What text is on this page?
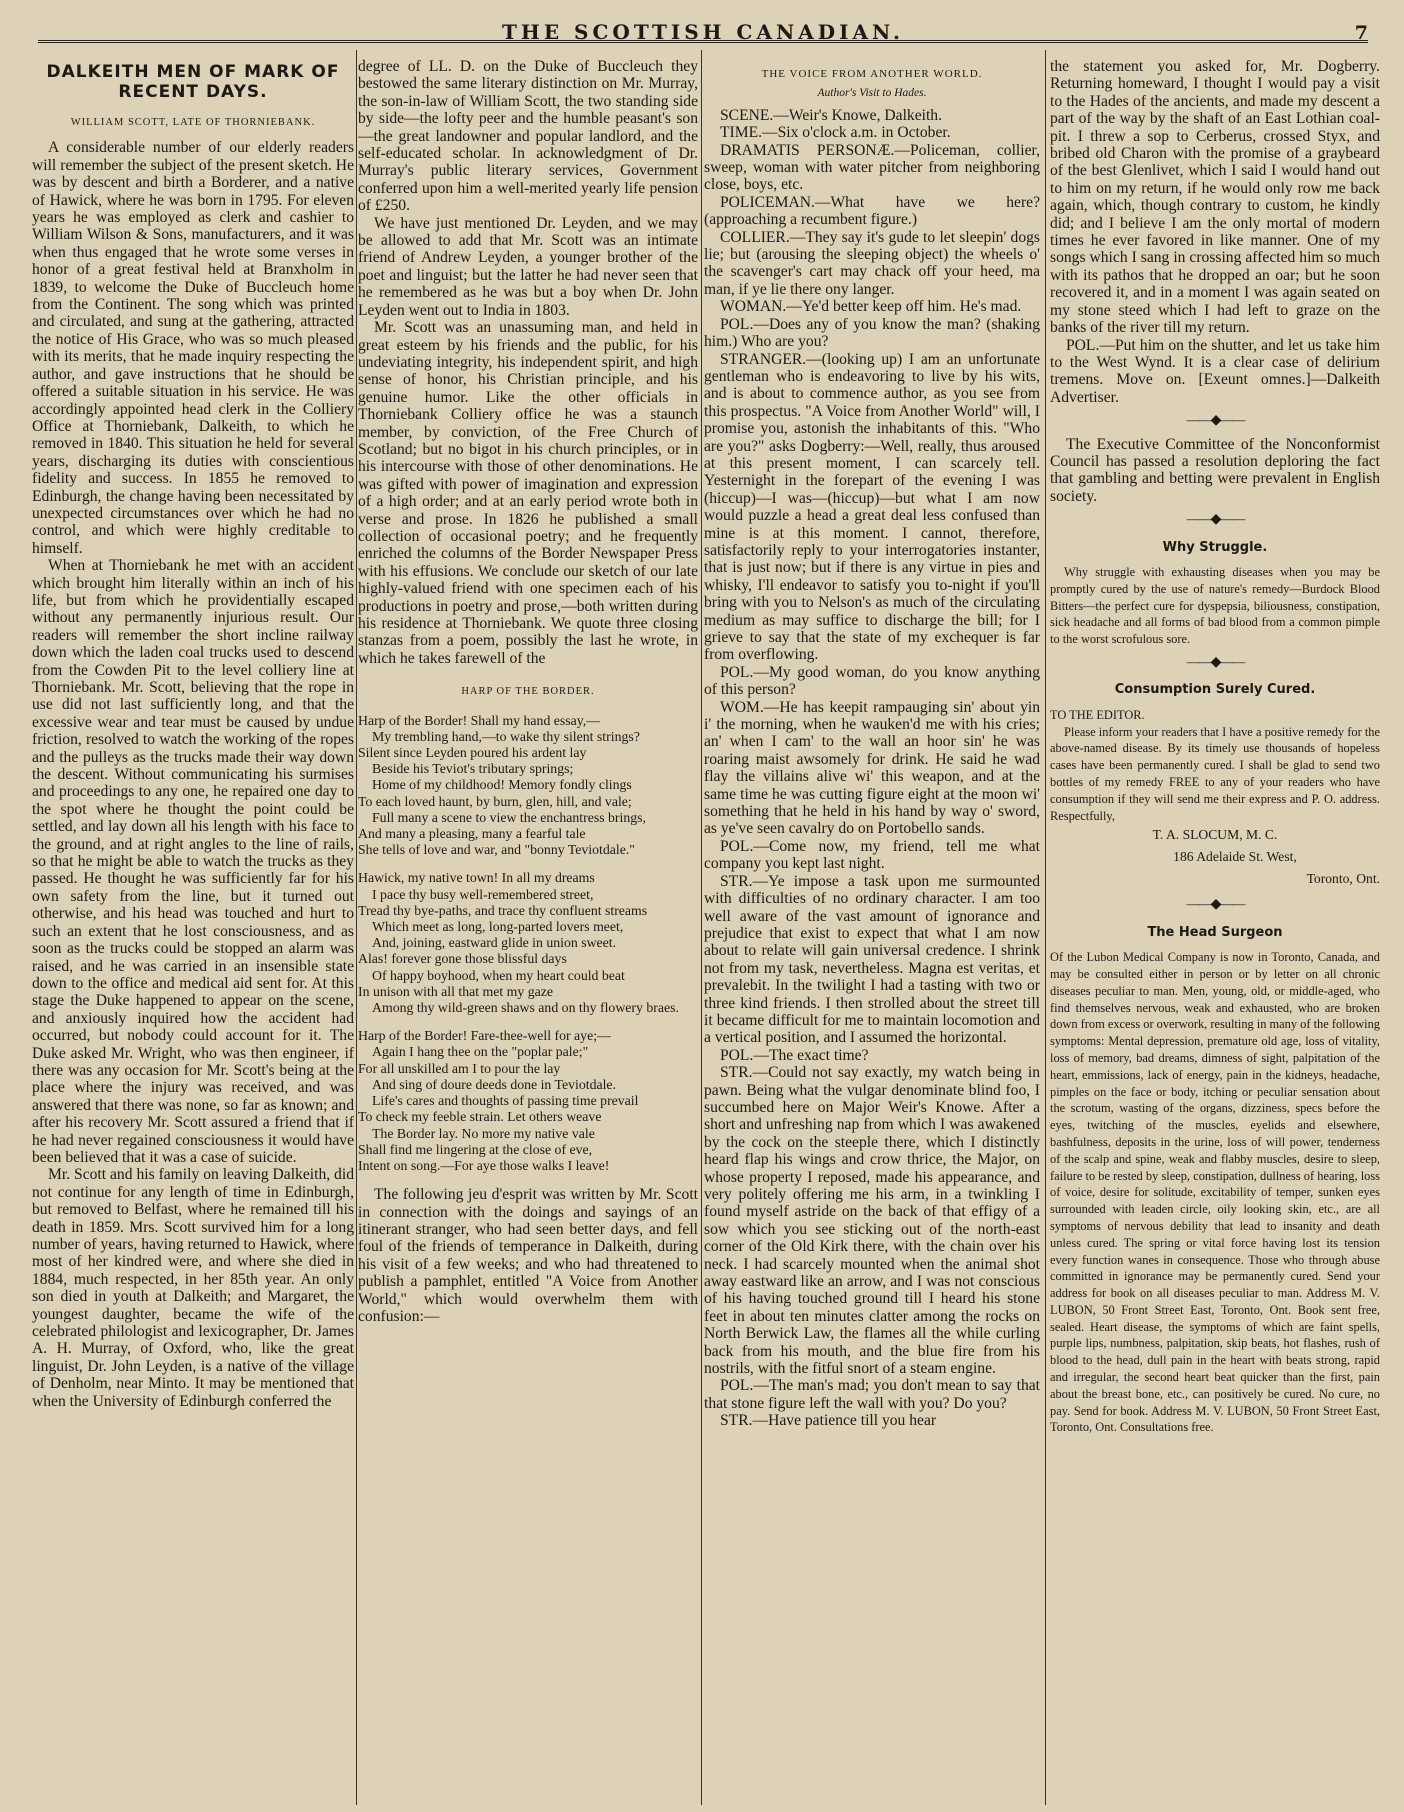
THE SCOTTISH CANADIAN.	7
DALKEITH MEN OF MARK OF RECENT DAYS.
WILLIAM SCOTT, LATE OF THORNIEBANK.

A considerable number of our elderly readers will remember the subject of the present sketch. He was by descent and birth a Borderer, and a native of Hawick, where he was born in 1795. For eleven years he was employed as clerk and cashier to William Wilson & Sons, manufacturers, and it was when thus engaged that he wrote some verses in honor of a great festival held at Branxholm in 1839, to welcome the Duke of Buccleuch home from the Continent. The song which was printed and circulated, and sung at the gathering, attracted the notice of His Grace, who was so much pleased with its merits, that he made inquiry respecting the author, and gave instructions that he should be offered a suitable situation in his service. He was accordingly appointed head clerk in the Colliery Office at Thorniebank, Dalkeith, to which he removed in 1840. This situation he held for several years, discharging its duties with conscientious fidelity and success. In 1855 he removed to Edinburgh, the change having been necessitated by unexpected circumstances over which he had no control, and which were highly creditable to himself.

When at Thorniebank he met with an accident which brought him literally within an inch of his life, but from which he providentially escaped without any permanently injurious result. Our readers will remember the short incline railway down which the laden coal trucks used to descend from the Cowden Pit to the level colliery line at Thorniebank. Mr. Scott, believing that the rope in use did not last sufficiently long, and that the excessive wear and tear must be caused by undue friction, resolved to watch the working of the ropes and the pulleys as the trucks made their way down the descent. Without communicating his surmises and proceedings to any one, he repaired one day to the spot where he thought the point could be settled, and lay down all his length with his face to the ground, and at right angles to the line of rails, so that he might be able to watch the trucks as they passed. He thought he was sufficiently far for his own safety from the line, but it turned out otherwise, and his head was touched and hurt to such an extent that he lost consciousness, and as soon as the trucks could be stopped an alarm was raised, and he was carried in an insensible state down to the office and medical aid sent for. At this stage the Duke happened to appear on the scene, and anxiously inquired how the accident had occurred, but nobody could account for it. The Duke asked Mr. Wright, who was then engineer, if there was any occasion for Mr. Scott's being at the place where the injury was received, and was answered that there was none, so far as known; and after his recovery Mr. Scott assured a friend that if he had never regained consciousness it would have been believed that it was a case of suicide.

Mr. Scott and his family on leaving Dalkeith, did not continue for any length of time in Edinburgh, but removed to Belfast, where he remained till his death in 1859. Mrs. Scott survived him for a long number of years, having returned to Hawick, where most of her kindred were, and where she died in 1884, much respected, in her 85th year. An only son died in youth at Dalkeith; and Margaret, the youngest daughter, became the wife of the celebrated philologist and lexicographer, Dr. James A. H. Murray, of Oxford, who, like the great linguist, Dr. John Leyden, is a native of the village of Denholm, near Minto. It may be mentioned that when the University of Edinburgh conferred the

degree of LL. D. on the Duke of Buccleuch they bestowed the same literary distinction on Mr. Murray, the son-in-law of William Scott, the two standing side by side—the lofty peer and the humble peasant's son—the great landowner and popular landlord, and the self-educated scholar. In acknowledgment of Dr. Murray's public literary services, Government conferred upon him a well-merited yearly life pension of £250.

We have just mentioned Dr. Leyden, and we may be allowed to add that Mr. Scott was an intimate friend of Andrew Leyden, a younger brother of the poet and linguist; but the latter he had never seen that he remembered as he was but a boy when Dr. John Leyden went out to India in 1803.

Mr. Scott was an unassuming man, and held in great esteem by his friends and the public, for his undeviating integrity, his independent spirit, and high sense of honor, his Christian principle, and his genuine humor. Like the other officials in Thorniebank Colliery office he was a staunch member, by conviction, of the Free Church of Scotland; but no bigot in his church principles, or in his intercourse with those of other denominations. He was gifted with power of imagination and expression of a high order; and at an early period wrote both in verse and prose. In 1826 he published a small collection of occasional poetry; and he frequently enriched the columns of the Border Newspaper Press with his effusions. We conclude our sketch of our late highly-valued friend with one specimen each of his productions in poetry and prose,—both written during his residence at Thorniebank. We quote three closing stanzas from a poem, possibly the last he wrote, in which he takes farewell of the

HARP OF THE BORDER.
Harp of the Border! Shall my hand essay,—
My trembling hand,—to wake thy silent strings?
Silent since Leyden poured his ardent lay
Beside his Teviot's tributary springs;
Home of my childhood! Memory fondly clings
To each loved haunt, by burn, glen, hill, and vale;
Full many a scene to view the enchantress brings,
And many a pleasing, many a fearful tale
She tells of love and war, and "bonny Teviotdale."
Hawick, my native town! In all my dreams
I pace thy busy well-remembered street,
Tread thy bye-paths, and trace thy confluent streams
Which meet as long, long-parted lovers meet,
And, joining, eastward glide in union sweet.
Alas! forever gone those blissful days
Of happy boyhood, when my heart could beat
In unison with all that met my gaze
Among thy wild-green shaws and on thy flowery braes.
Harp of the Border! Fare-thee-well for aye;—
Again I hang thee on the "poplar pale;"
For all unskilled am I to pour the lay
And sing of doure deeds done in Teviotdale.
Life's cares and thoughts of passing time prevail
To check my feeble strain. Let others weave
The Border lay. No more my native vale
Shall find me lingering at the close of eve,
Intent on song.—For aye those walks I leave!

The following jeu d'esprit was written by Mr. Scott in connection with the doings and sayings of an itinerant stranger, who had seen better days, and fell foul of the friends of temperance in Dalkeith, during his visit of a few weeks; and who had threatened to publish a pamphlet, entitled "A Voice from Another World," which would overwhelm them with confusion:—

THE VOICE FROM ANOTHER WORLD.
Author's Visit to Hades.

SCENE.—Weir's Knowe, Dalkeith.

TIME.—Six o'clock a.m. in October.

DRAMATIS PERSONÆ.—Policeman, collier, sweep, woman with water pitcher from neighboring close, boys, etc.

POLICEMAN.—What have we here? (approaching a recumbent figure.)

COLLIER.—They say it's gude to let sleepin' dogs lie; but (arousing the sleeping object) the wheels o' the scavenger's cart may chack off your heed, ma man, if ye lie there ony langer.

WOMAN.—Ye'd better keep off him. He's mad.

POL.—Does any of you know the man? (shaking him.) Who are you?

STRANGER.—(looking up) I am an unfortunate gentleman who is endeavoring to live by his wits, and is about to commence author, as you see from this prospectus. "A Voice from Another World" will, I promise you, astonish the inhabitants of this. "Who are you?" asks Dogberry:—Well, really, thus aroused at this present moment, I can scarcely tell. Yesternight in the forepart of the evening I was (hiccup)—I was—(hiccup)—but what I am now would puzzle a head a great deal less confused than mine is at this moment. I cannot, therefore, satisfactorily reply to your interrogatories instanter, that is just now; but if there is any virtue in pies and whisky, I'll endeavor to satisfy you to-night if you'll bring with you to Nelson's as much of the circulating medium as may suffice to discharge the bill; for I grieve to say that the state of my exchequer is far from overflowing.

POL.—My good woman, do you know anything of this person?

WOM.—He has keepit rampauging sin' about yin i' the morning, when he wauken'd me with his cries; an' when I cam' to the wall an hoor sin' he was roaring maist awsomely for drink. He said he wad flay the villains alive wi' this weapon, and at the same time he was cutting figure eight at the moon wi' something that he held in his hand by way o' sword, as ye've seen cavalry do on Portobello sands.

POL.—Come now, my friend, tell me what company you kept last night.

STR.—Ye impose a task upon me surmounted with difficulties of no ordinary character. I am too well aware of the vast amount of ignorance and prejudice that exist to expect that what I am now about to relate will gain universal credence. I shrink not from my task, nevertheless. Magna est veritas, et prevalebit. In the twilight I had a tasting with two or three kind friends. I then strolled about the street till it became difficult for me to maintain locomotion and a vertical position, and I assumed the horizontal.

POL.—The exact time?

STR.—Could not say exactly, my watch being in pawn. Being what the vulgar denominate blind foo, I succumbed here on Major Weir's Knowe. After a short and unfreshing nap from which I was awakened by the cock on the steeple there, which I distinctly heard flap his wings and crow thrice, the Major, on whose property I reposed, made his appearance, and very politely offering me his arm, in a twinkling I found myself astride on the back of that effigy of a sow which you see sticking out of the north-east corner of the Old Kirk there, with the chain over his neck. I had scarcely mounted when the animal shot away eastward like an arrow, and I was not conscious of his having touched ground till I heard his stone feet in about ten minutes clatter among the rocks on North Berwick Law, the flames all the while curling back from his mouth, and the blue fire from his nostrils, with the fitful snort of a steam engine.

POL.—The man's mad; you don't mean to say that that stone figure left the wall with you? Do you?

STR.—Have patience till you hear

the statement you asked for, Mr. Dogberry. Returning homeward, I thought I would pay a visit to the Hades of the ancients, and made my descent a part of the way by the shaft of an East Lothian coal-pit. I threw a sop to Cerberus, crossed Styx, and bribed old Charon with the promise of a graybeard of the best Glenlivet, which I said I would hand out to him on my return, if he would only row me back again, which, though contrary to custom, he kindly did; and I believe I am the only mortal of modern times he ever favored in like manner. One of my songs which I sang in crossing affected him so much with its pathos that he dropped an oar; but he soon recovered it, and in a moment I was again seated on my stone steed which I had left to graze on the banks of the river till my return.

POL.—Put him on the shutter, and let us take him to the West Wynd. It is a clear case of delirium tremens. Move on. [Exeunt omnes.]—Dalkeith Advertiser.

——◆——

The Executive Committee of the Nonconformist Council has passed a resolution deploring the fact that gambling and betting were prevalent in English society.

——◆——
Why Struggle.

Why struggle with exhausting diseases when you may be promptly cured by the use of nature's remedy—Burdock Blood Bitters—the perfect cure for dyspepsia, biliousness, constipation, sick headache and all forms of bad blood from a common pimple to the worst scrofulous sore.

——◆——
Consumption Surely Cured.
TO THE EDITOR.

Please inform your readers that I have a positive remedy for the above-named disease. By its timely use thousands of hopeless cases have been permanently cured. I shall be glad to send two bottles of my remedy FREE to any of your readers who have consumption if they will send me their express and P. O. address. Respectfully,

T. A. SLOCUM, M. C.
186 Adelaide St. West,
Toronto, Ont.
——◆——
The Head Surgeon

Of the Lubon Medical Company is now in Toronto, Canada, and may be consulted either in person or by letter on all chronic diseases peculiar to man. Men, young, old, or middle-aged, who find themselves nervous, weak and exhausted, who are broken down from excess or overwork, resulting in many of the following symptoms: Mental depression, premature old age, loss of vitality, loss of memory, bad dreams, dimness of sight, palpitation of the heart, emmissions, lack of energy, pain in the kidneys, headache, pimples on the face or body, itching or peculiar sensation about the scrotum, wasting of the organs, dizziness, specs before the eyes, twitching of the muscles, eyelids and elsewhere, bashfulness, deposits in the urine, loss of will power, tenderness of the scalp and spine, weak and flabby muscles, desire to sleep, failure to be rested by sleep, constipation, dullness of hearing, loss of voice, desire for solitude, excitability of temper, sunken eyes surrounded with leaden circle, oily looking skin, etc., are all symptoms of nervous debility that lead to insanity and death unless cured. The spring or vital force having lost its tension every function wanes in consequence. Those who through abuse committed in ignorance may be permanently cured. Send your address for book on all diseases peculiar to man. Address M. V. LUBON, 50 Front Street East, Toronto, Ont. Book sent free, sealed. Heart disease, the symptoms of which are faint spells, purple lips, numbness, palpitation, skip beats, hot flashes, rush of blood to the head, dull pain in the heart with beats strong, rapid and irregular, the second heart beat quicker than the first, pain about the breast bone, etc., can positively be cured. No cure, no pay. Send for book. Address M. V. LUBON, 50 Front Street East, Toronto, Ont. Consultations free.
